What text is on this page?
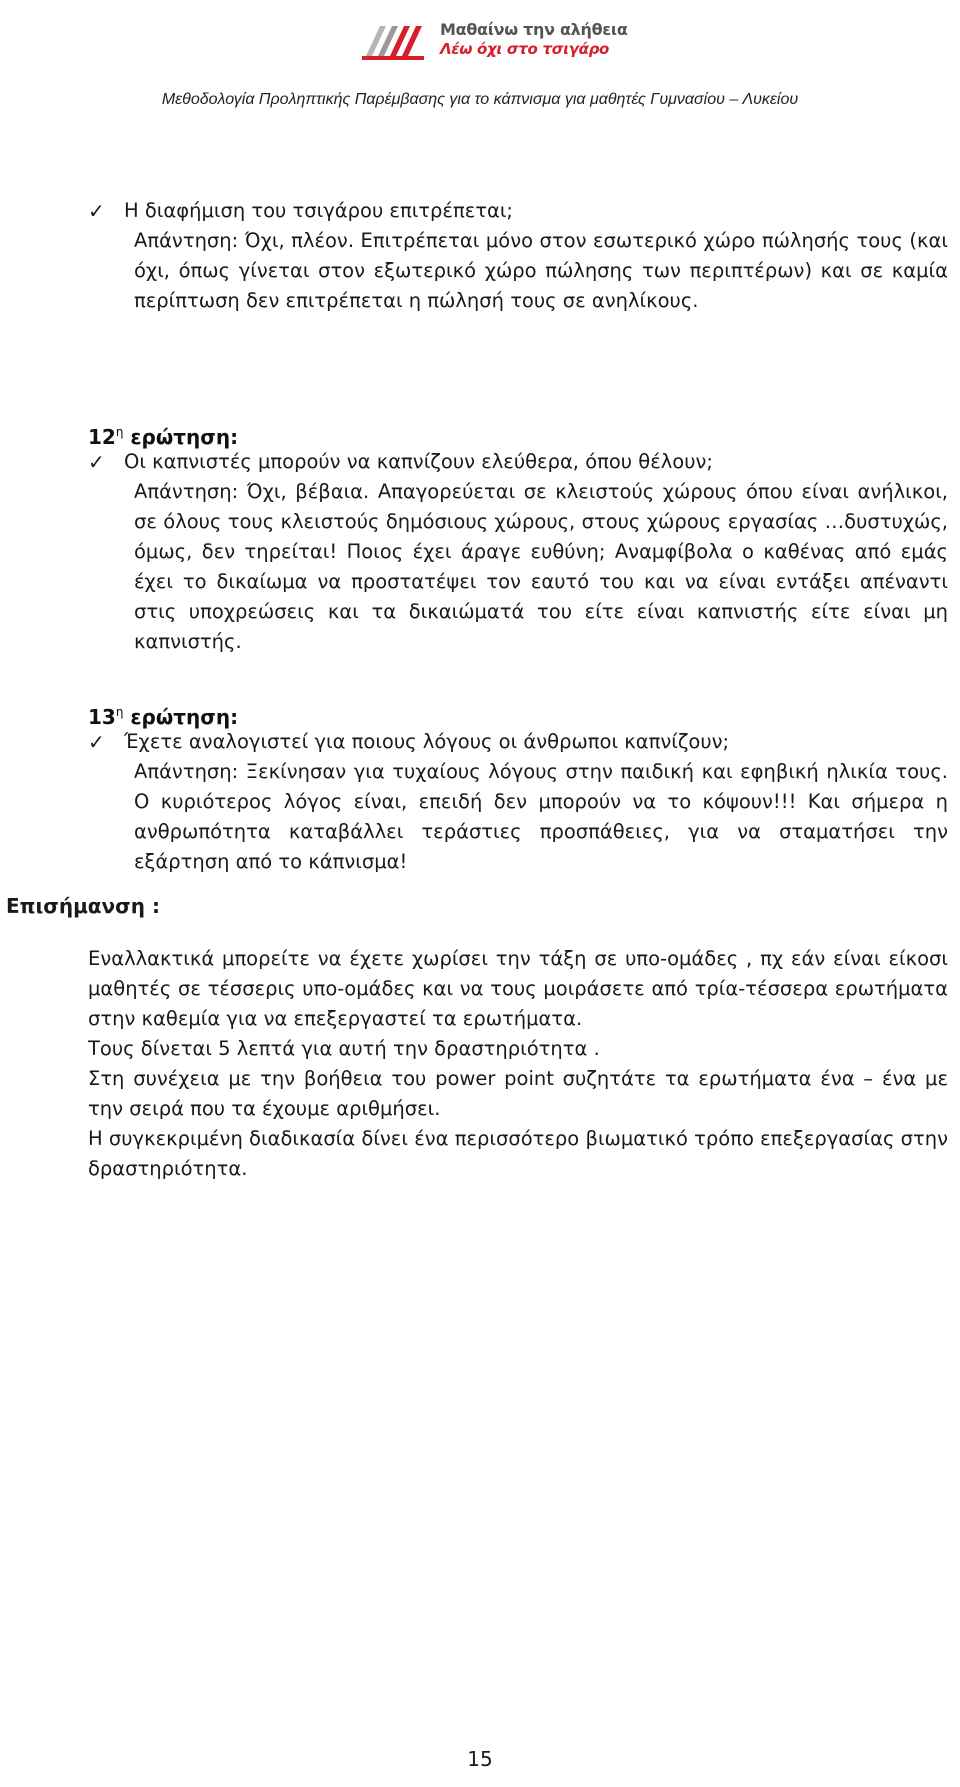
Μαθαίνω την αλήθεια
Λέω όχι στο τσιγάρο
Μεθοδολογία Προληπτικής Παρέμβασης για το κάπνισμα για μαθητές Γυμνασίου – Λυκείου
✓ Η διαφήμιση του τσιγάρου επιτρέπεται;
Απάντηση: Όχι, πλέον. Επιτρέπεται μόνο στον εσωτερικό χώρο πώλησής τους (και όχι, όπως γίνεται στον εξωτερικό χώρο πώλησης των περιπτέρων) και σε καμία περίπτωση δεν επιτρέπεται η πώλησή τους σε ανηλίκους.
$12^\eta$ ερώτηση:
✓ Οι καπνιστές μπορούν να καπνίζουν ελεύθερα, όπου θέλουν;
Απάντηση: Όχι, βέβαια. Απαγορεύεται σε κλειστούς χώρους όπου είναι ανήλικοι, σε όλους τους κλειστούς δημόσιους χώρους, στους χώρους εργασίας …δυστυχώς, όμως, δεν τηρείται! Ποιος έχει άραγε ευθύνη; Αναμφίβολα ο καθένας από εμάς έχει το δικαίωμα να προστατέψει τον εαυτό του και να είναι εντάξει απέναντι στις υποχρεώσεις και τα δικαιώματά του είτε είναι καπνιστής είτε είναι μη καπνιστής.
$13^\eta$ ερώτηση:
✓ Έχετε αναλογιστεί για ποιους λόγους οι άνθρωποι καπνίζουν;
Απάντηση: Ξεκίνησαν για τυχαίους λόγους στην παιδική και εφηβική ηλικία τους. Ο κυριότερος λόγος είναι, επειδή δεν μπορούν να το κόψουν!!! Και σήμερα η ανθρωπότητα καταβάλλει τεράστιες προσπάθειες, για να σταματήσει την εξάρτηση από το κάπνισμα!
Επισήμανση :
Εναλλακτικά μπορείτε να έχετε χωρίσει την τάξη σε υπο-ομάδες , πχ εάν είναι είκοσι μαθητές σε τέσσερις υπο-ομάδες και να τους μοιράσετε από τρία-τέσσερα ερωτήματα στην καθεμία για να επεξεργαστεί τα ερωτήματα.
Τους δίνεται 5 λεπτά για αυτή την δραστηριότητα .
Στη συνέχεια με την βοήθεια του power point συζητάτε τα ερωτήματα ένα – ένα με την σειρά που τα έχουμε αριθμήσει.
Η συγκεκριμένη διαδικασία δίνει ένα περισσότερο βιωματικό τρόπο επεξεργασίας στην δραστηριότητα.
15
